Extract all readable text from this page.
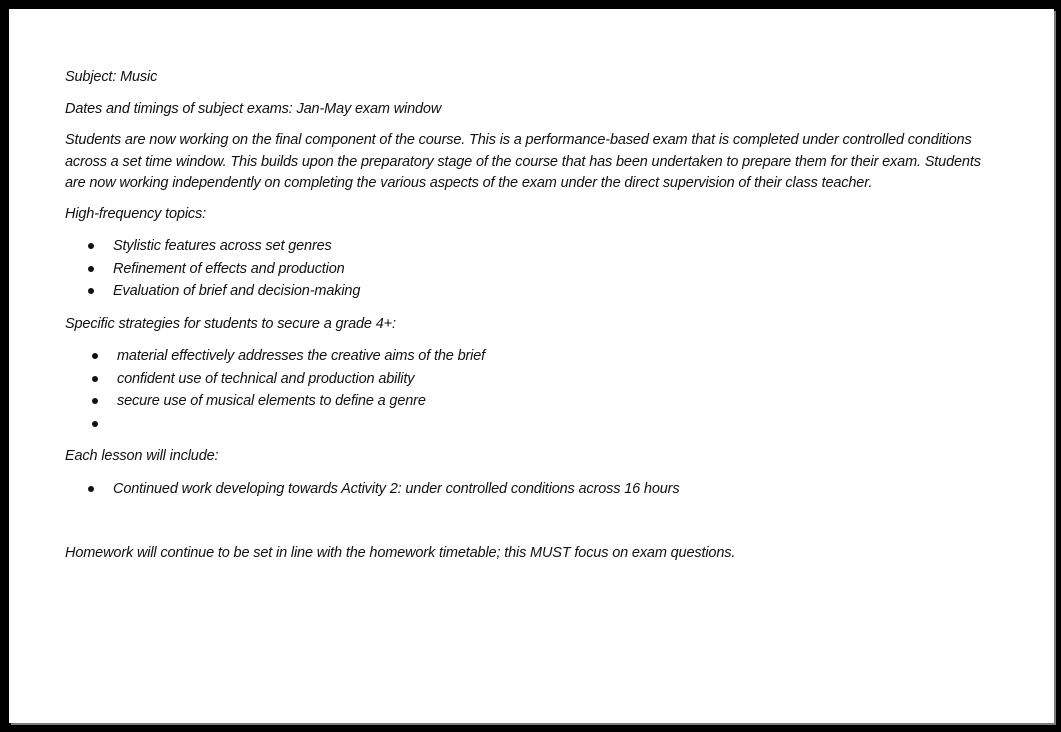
Subject: Music

Dates and timings of subject exams: Jan-May exam window

Students are now working on the final component of the course. This is a performance-based exam that is completed under controlled conditions across a set time window. This builds upon the preparatory stage of the course that has been undertaken to prepare them for their exam. Students are now working independently on completing the various aspects of the exam under the direct supervision of their class teacher.

High-frequency topics:

Stylistic features across set genres
Refinement of effects and production
Evaluation of brief and decision-making

Specific strategies for students to secure a grade 4+:

material effectively addresses the creative aims of the brief
confident use of technical and production ability
secure use of musical elements to define a genre

Each lesson will include:

Continued work developing towards Activity 2: under controlled conditions across 16 hours

Homework will continue to be set in line with the homework timetable; this MUST focus on exam questions.
